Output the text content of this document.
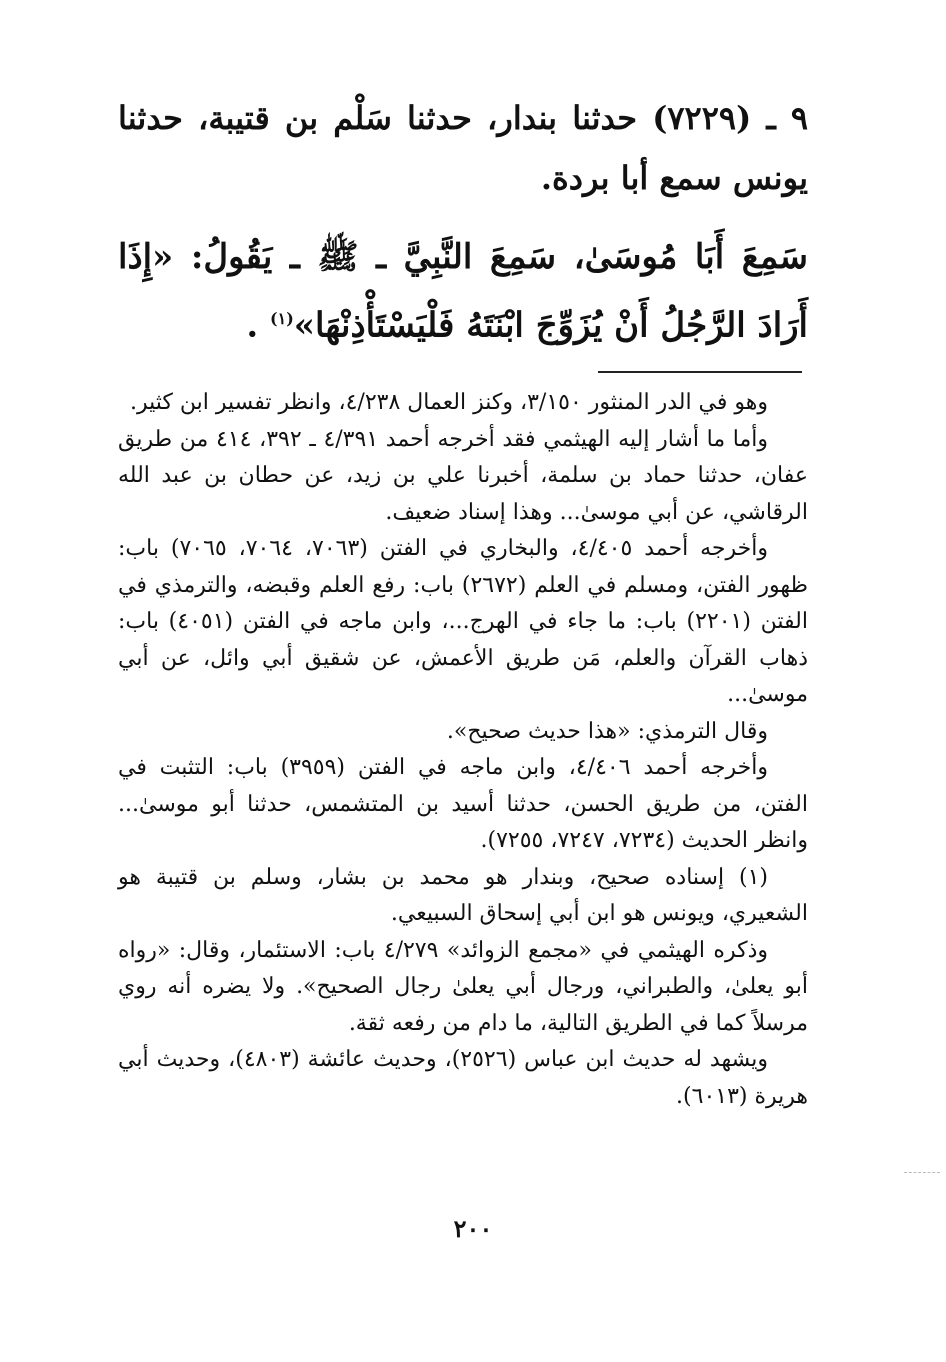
٩ ـ (٧٢٢٩) حدثنا بندار، حدثنا سَلْم بن قتيبة، حدثنا يونس سمع أبا بردة.

سَمِعَ أَبَا مُوسَىٰ، سَمِعَ النَّبِيَّ ـ ﷺ ـ يَقُولُ: «إِذَا أَرَادَ الرَّجُلُ أَنْ يُزَوِّجَ ابْنَتَهُ فَلْيَسْتَأْذِنْهَا»$^{(١)}$ .

وهو في الدر المنثور ٣/١٥٠، وكنز العمال ٤/٢٣٨، وانظر تفسير ابن كثير.

وأما ما أشار إليه الهيثمي فقد أخرجه أحمد ٤/٣٩١ ـ ٣٩٢، ٤١٤ من طريق عفان، حدثنا حماد بن سلمة، أخبرنا علي بن زيد، عن حطان بن عبد الله الرقاشي، عن أبي موسىٰ... وهذا إسناد ضعيف.

وأخرجه أحمد ٤/٤٠٥، والبخاري في الفتن (٧٠٦٣، ٧٠٦٤، ٧٠٦٥) باب: ظهور الفتن، ومسلم في العلم (٢٦٧٢) باب: رفع العلم وقبضه، والترمذي في الفتن (٢٢٠١) باب: ما جاء في الهرج...، وابن ماجه في الفتن (٤٠٥١) باب: ذهاب القرآن والعلم، مَن طريق الأعمش، عن شقيق أبي وائل، عن أبي موسىٰ...

وقال الترمذي: «هذا حديث صحيح».

وأخرجه أحمد ٤/٤٠٦، وابن ماجه في الفتن (٣٩٥٩) باب: التثبت في الفتن، من طريق الحسن، حدثنا أسيد بن المتشمس، حدثنا أبو موسىٰ... وانظر الحديث (٧٢٣٤، ٧٢٤٧، ٧٢٥٥).

(١) إسناده صحيح، وبندار هو محمد بن بشار، وسلم بن قتيبة هو الشعيري، ويونس هو ابن أبي إسحاق السبيعي.

وذكره الهيثمي في «مجمع الزوائد» ٤/٢٧٩ باب: الاستئمار، وقال: «رواه أبو يعلىٰ، والطبراني، ورجال أبي يعلىٰ رجال الصحيح». ولا يضره أنه روي مرسلاً كما في الطريق التالية، ما دام من رفعه ثقة.

ويشهد له حديث ابن عباس (٢٥٢٦)، وحديث عائشة (٤٨٠٣)، وحديث أبي هريرة (٦٠١٣).

٢٠٠
